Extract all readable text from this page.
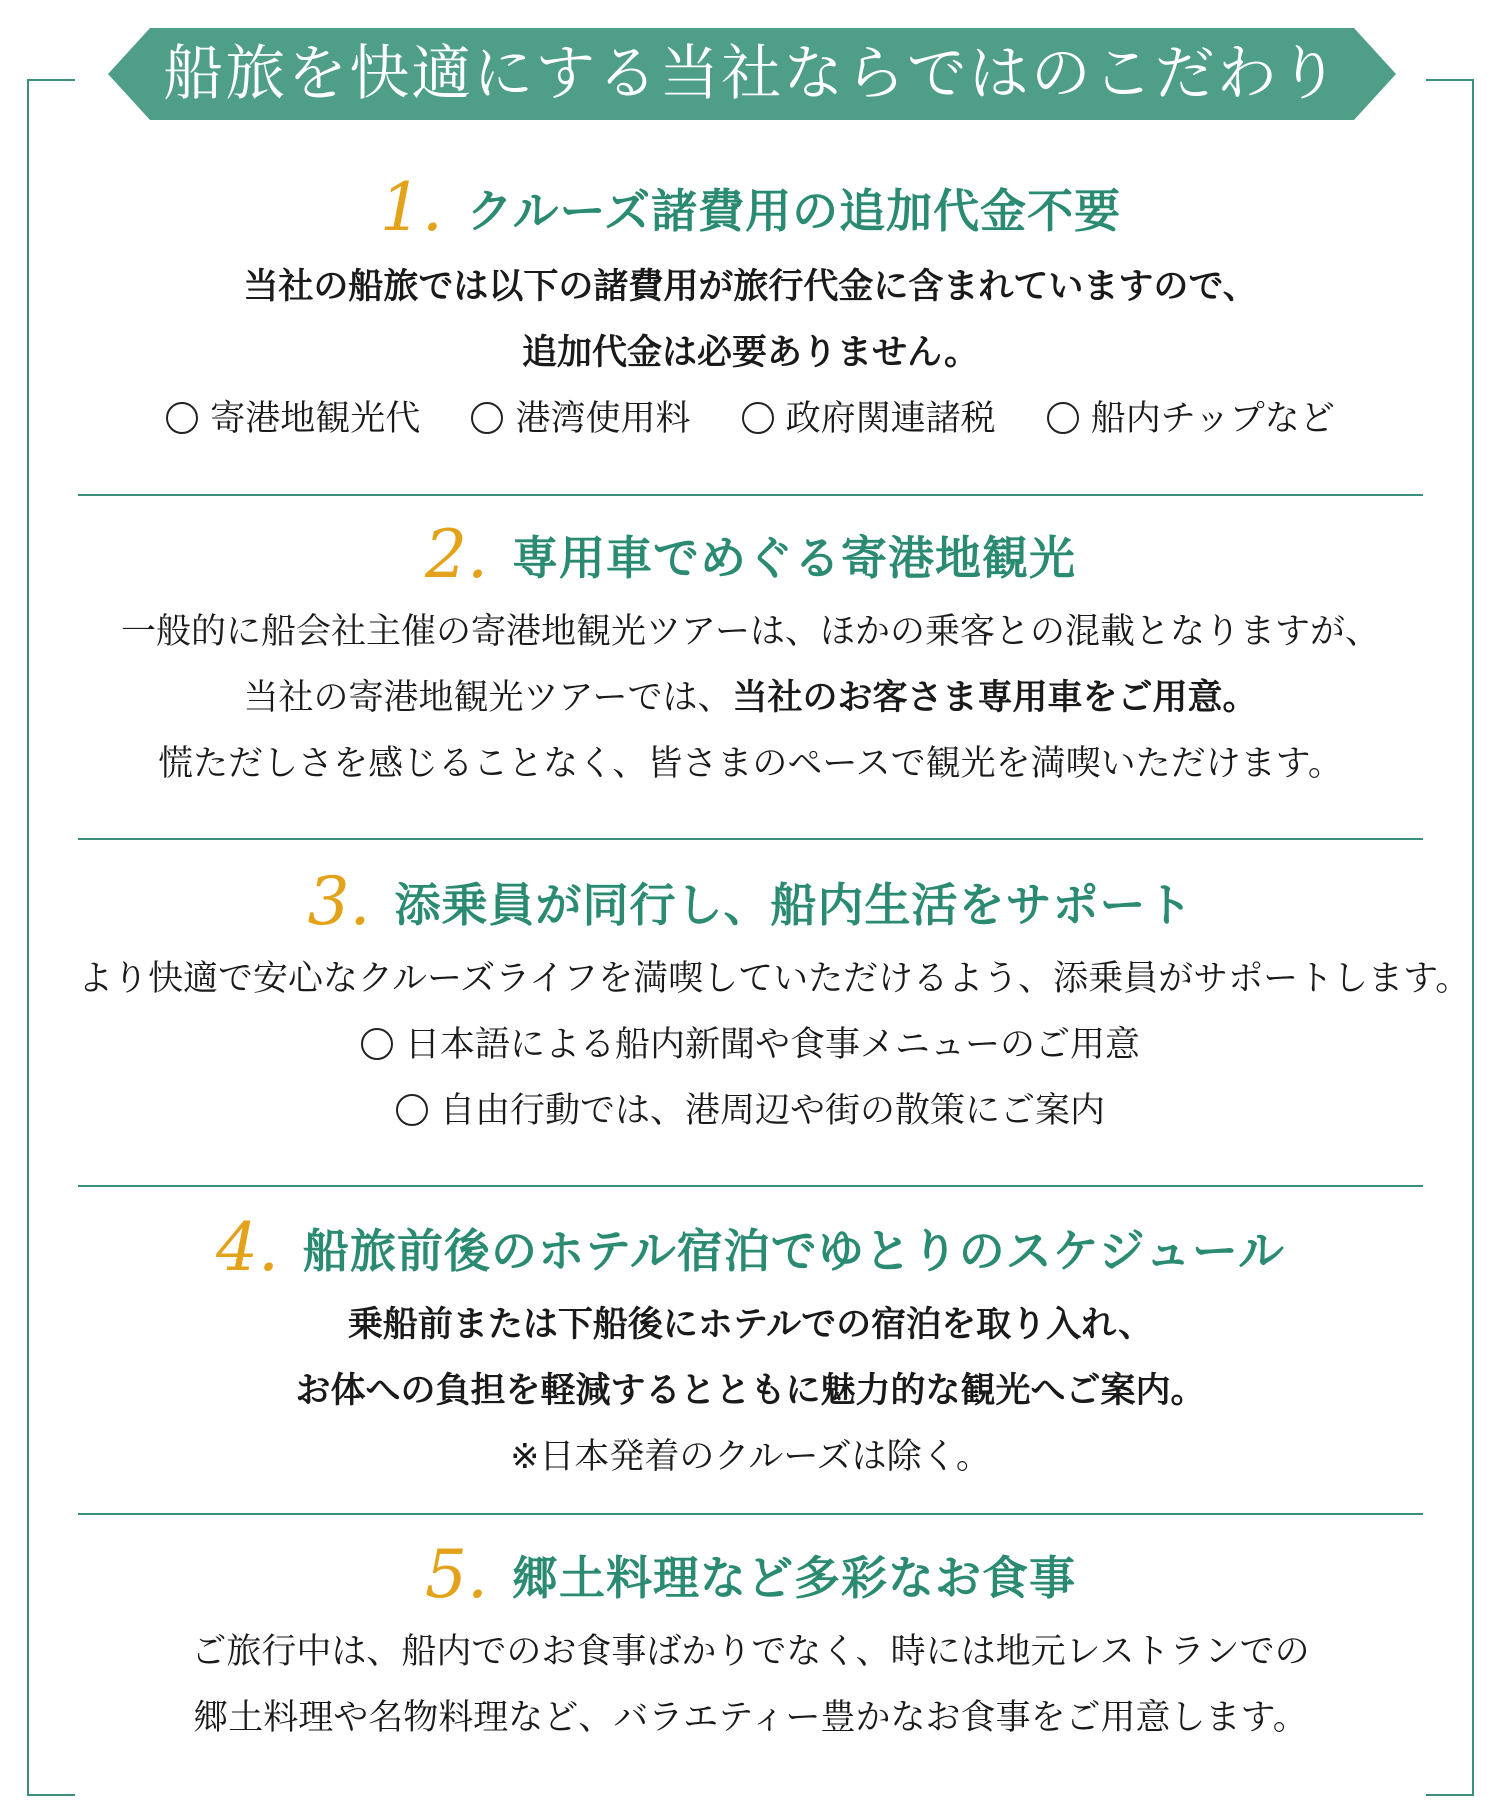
船旅を快適にする当社ならではのこだわり
1. クルーズ諸費用の追加代金不要
当社の船旅では以下の諸費用が旅行代金に含まれていますので、
追加代金は必要ありません。
寄港地観光代	港湾使用料	政府関連諸税	船内チップなど
2. 専用車でめぐる寄港地観光
一般的に船会社主催の寄港地観光ツアーは、ほかの乗客との混載となりますが、
当社の寄港地観光ツアーでは、当社のお客さま専用車をご用意。
慌ただしさを感じることなく、皆さまのペースで観光を満喫いただけます。
3. 添乗員が同行し、船内生活をサポート
より快適で安心なクルーズライフを満喫していただけるよう、添乗員がサポートします。
日本語による船内新聞や食事メニューのご用意
自由行動では、港周辺や街の散策にご案内
4. 船旅前後のホテル宿泊でゆとりのスケジュール
乗船前または下船後にホテルでの宿泊を取り入れ、
お体への負担を軽減するとともに魅力的な観光へご案内。
※日本発着のクルーズは除く。
5. 郷土料理など多彩なお食事
ご旅行中は、船内でのお食事ばかりでなく、時には地元レストランでの
郷土料理や名物料理など、バラエティー豊かなお食事をご用意します。
